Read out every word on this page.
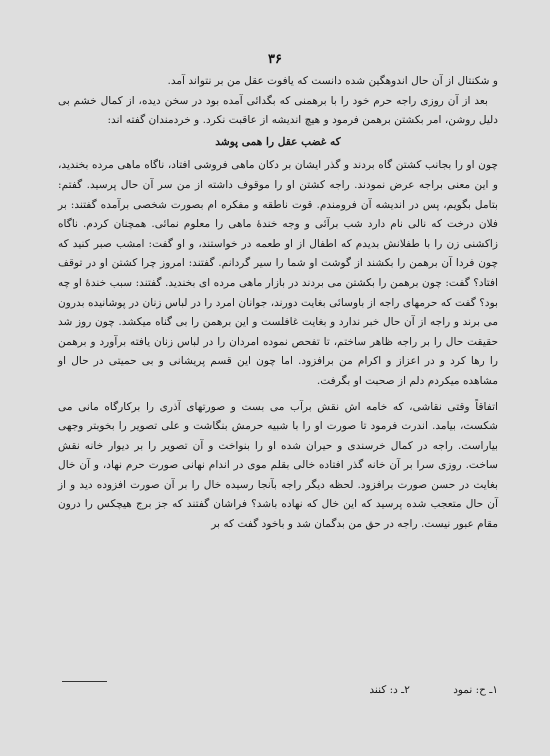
۳۶

و شکنتال از آن حال اندوهگین شده دانست که یافوت عقل من بر نتواند آمد.

بعد از آن روزی راجه حرم خود را با برهمنی که بگدائی آمده بود در سخن دیده، از کمال خشم بی دلیل روشن، امر بکشتن برهمن فرمود و هیچ اندیشه از عاقبت نکرد. و خردمندان گفته اند:

که غضب عقل را همی پوشد

چون او را بجانب کشتن گاه بردند و گذر ایشان بر دکان ماهی فروشی افتاد، ناگاه ماهی مرده بخندید، و این معنی براجه عرض نمودند. راجه کشتن او را موقوف داشته از من سر آن حال پرسید. گفتم: بتامل بگویم، پس در اندیشه آن فرومندم. قوت ناطقه و مفکره ام بصورت شخصی برآمده گفتند: بر فلان درخت که نالی نام دارد شب برآئی و وجه خندهٔ ماهی را معلوم نمائی. همچنان کردم. ناگاه زاکشنی زن را با طفلانش بدیدم که اطفال از او طعمه در خواستند، و او گفت: امشب صبر کنید که چون فردا آن برهمن را بکشند از گوشت او شما را سیر گردانم. گفتند: امروز چرا کشتن او در توقف افتاد؟ گفت: چون برهمن را بکشتن می بردند در بازار ماهی مرده ای بخندید. گفتند: سبب خندهٔ او چه بود؟ گفت که حرمهای راجه از باوسائی بغایت دورند، جوانان امرد را در لباس زنان در پوشانیده بدرون می برند و راجه از آن حال خبر ندارد و بغایت غافلست و این برهمن را بی گناه میکشد. چون روز شد حقیقت حال را بر راجه ظاهر ساختم، تا تفحص نموده امردان را در لباس زنان یافته برآورد و برهمن را رها کرد و در اعزاز و اکرام من برافزود. اما چون این قسم پریشانی و بی حمیتی در حال او مشاهده میکردم دلم از صحبت او بگرفت.

اتفاقاً وقتی نقاشی، که خامه اش نقش برآب می بست و صورتهای آذری را برکارگاه مانی می شکست، بیامد. اندرت فرمود تا صورت او را با شبیه حرمش بنگاشت و علی تصویر را بخوبتر وجهی بیاراست. راجه در کمال خرسندی و حیران شده او را بنواخت و آن تصویر را بر دیوار خانه نقش ساخت. روزی سرا بر آن خانه گذر افتاده خالی بقلم موی در اندام نهانی صورت حرم نهاد، و آن خال بغایت در حسن صورت برافزود. لحظه دیگر راجه بآنجا رسیده خال را بر آن صورت افزوده دید و از آن حال متعجب شده پرسید که این خال که نهاده باشد؟ فراشان گفتند که جز برج هیچکس را درون مقام عبور نیست. راجه در حق من بدگمان شد و باخود گفت که بر

۱ـ ح: نمود ۲ـ د: کنند
